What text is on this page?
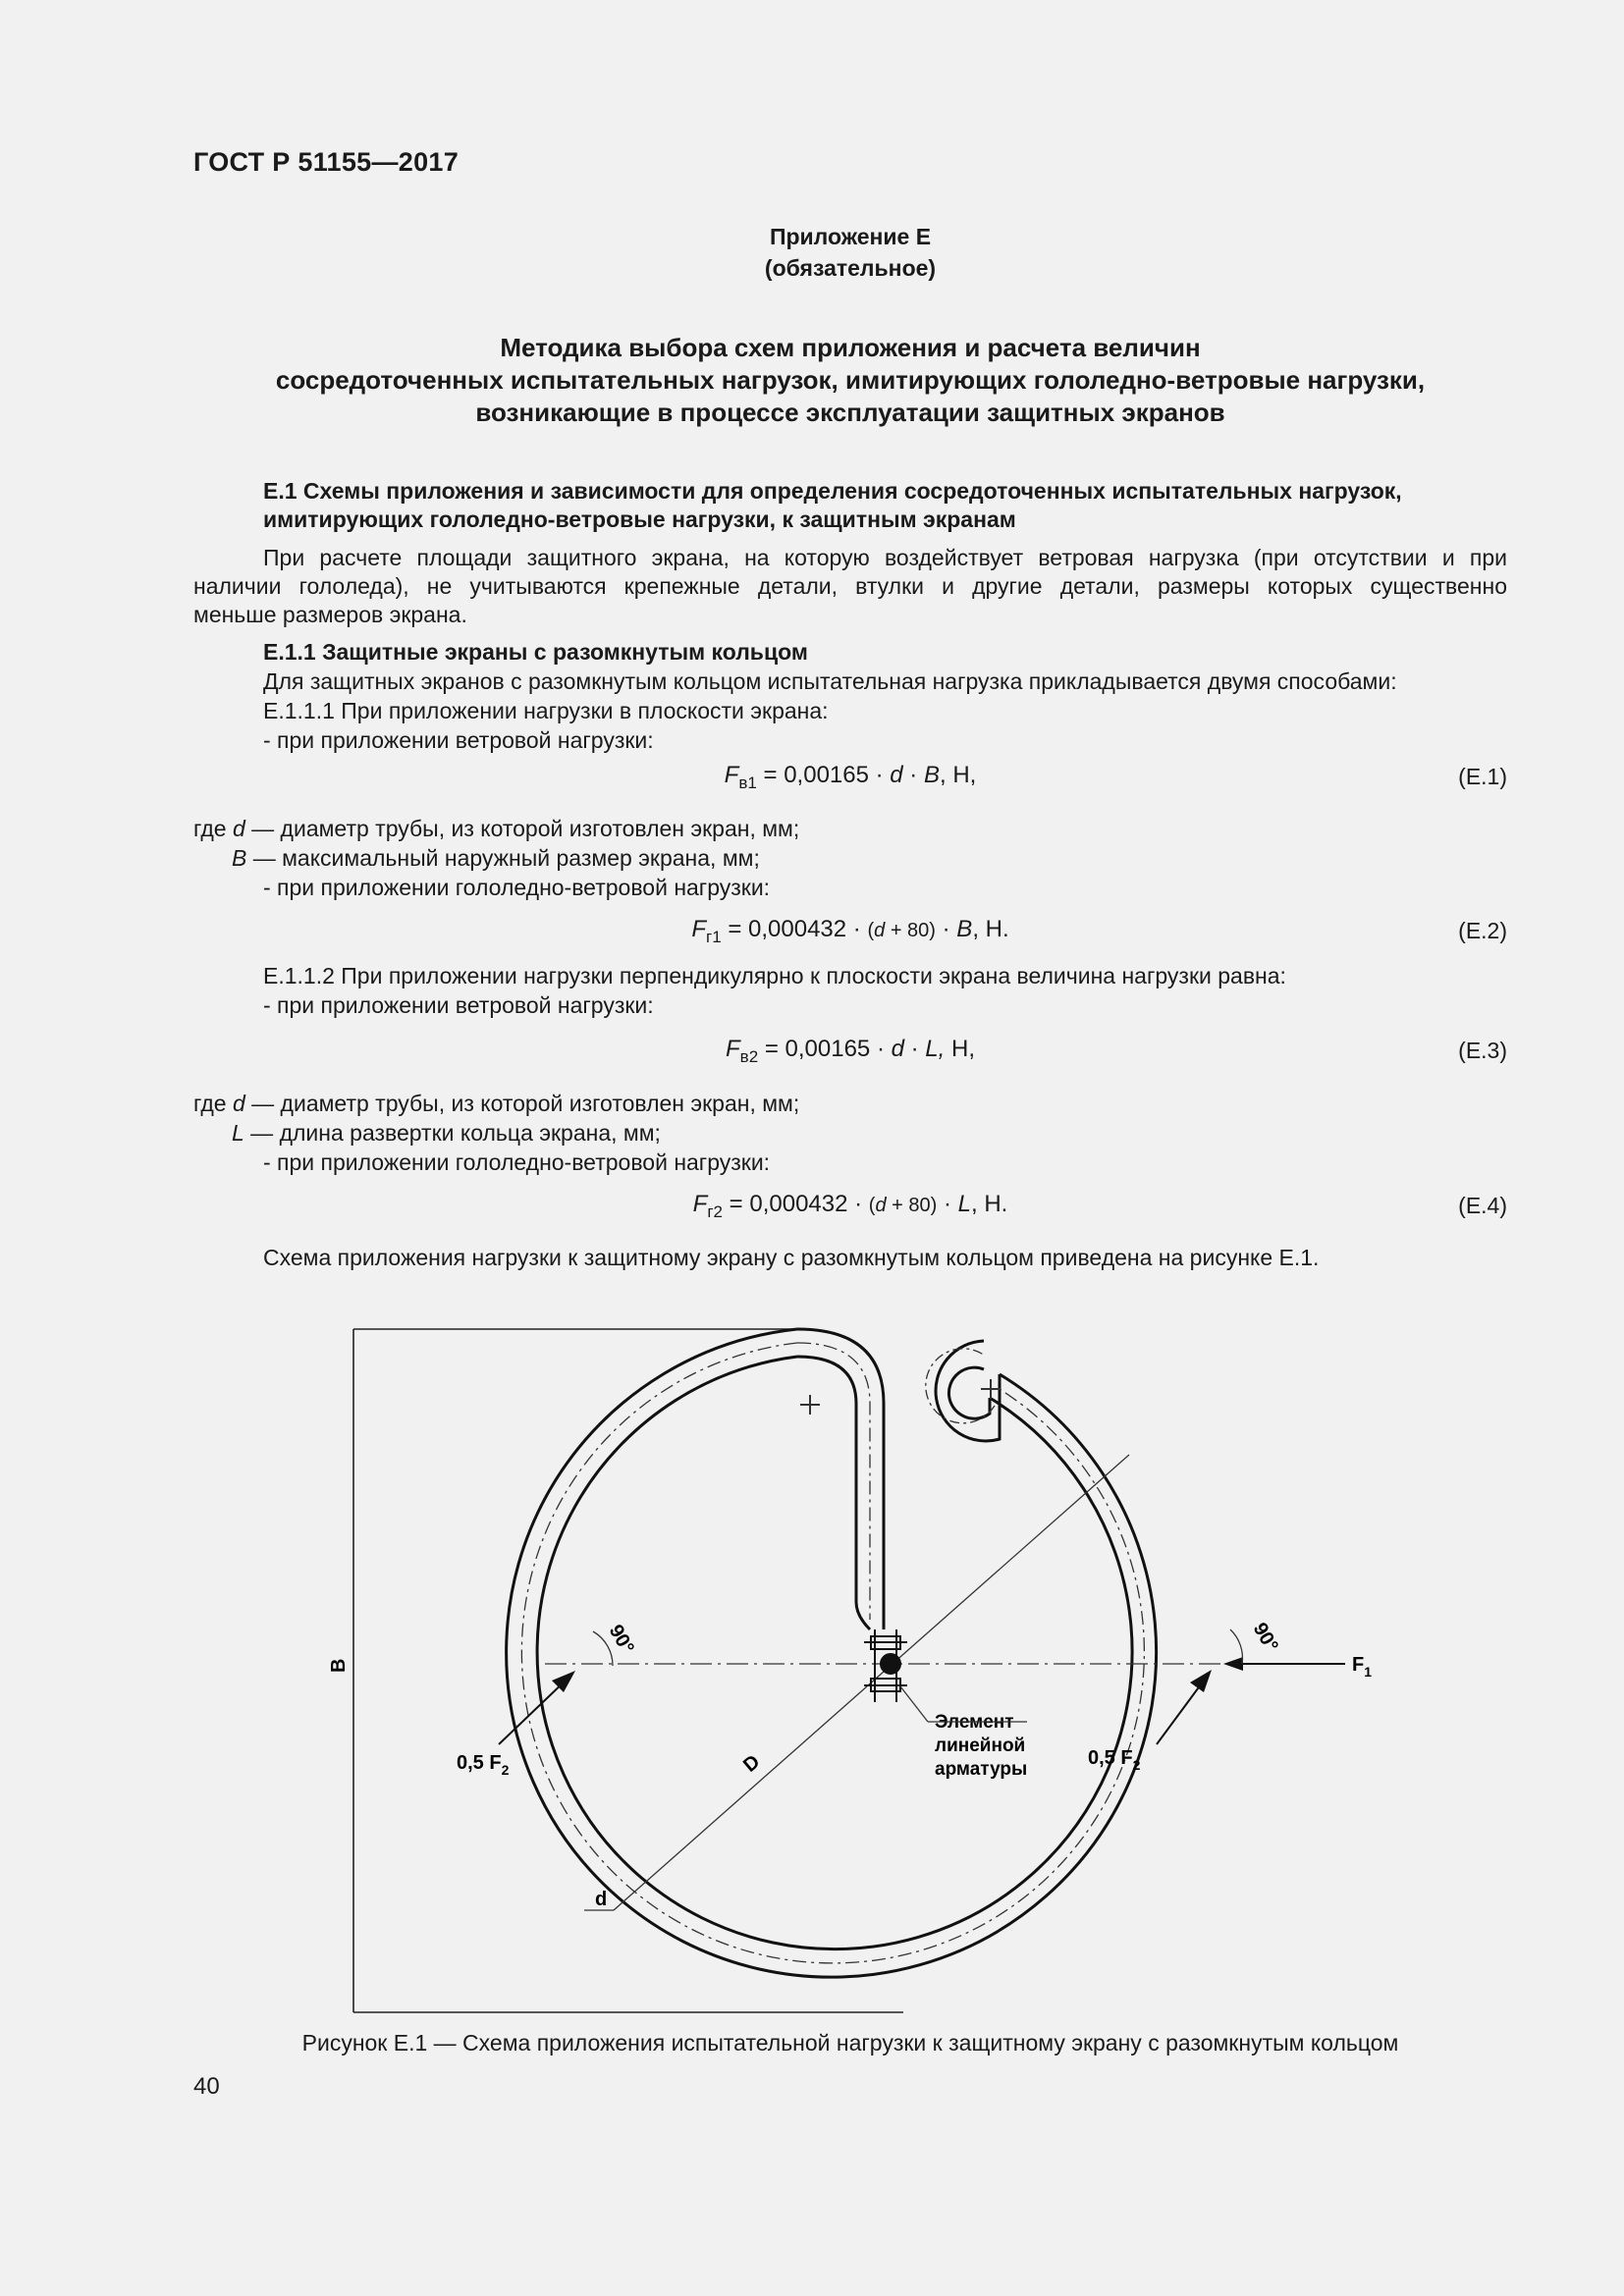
ГОСТ Р 51155—2017
Приложение Е
(обязательное)
Методика выбора схем приложения и расчета величин
сосредоточенных испытательных нагрузок, имитирующих гололедно-ветровые нагрузки,
возникающие в процессе эксплуатации защитных экранов
Е.1 Схемы приложения и зависимости для определения сосредоточенных испытательных нагрузок,
имитирующих гололедно-ветровые нагрузки, к защитным экранам
При расчете площади защитного экрана, на которую воздействует ветровая нагрузка (при отсутствии и при
наличии гололеда), не учитываются крепежные детали, втулки и другие детали, размеры которых существенно
меньше размеров экрана.
Е.1.1 Защитные экраны с разомкнутым кольцом
Для защитных экранов с разомкнутым кольцом испытательная нагрузка прикладывается двумя способами:
Е.1.1.1 При приложении нагрузки в плоскости экрана:
- при приложении ветровой нагрузки:
$F_{в1} = 0,00165 \cdot d \cdot B$, Н,	(Е.1)
где d — диаметр трубы, из которой изготовлен экран, мм;
B — максимальный наружный размер экрана, мм;
- при приложении гололедно-ветровой нагрузки:
$F_{г1} = 0,000432 \cdot (d + 80) \cdot B$, Н.	(Е.2)
Е.1.1.2 При приложении нагрузки перпендикулярно к плоскости экрана величина нагрузки равна:
- при приложении ветровой нагрузки:
$F_{в2} = 0,00165 \cdot d \cdot L$, Н,	(Е.3)
где d — диаметр трубы, из которой изготовлен экран, мм;
L — длина развертки кольца экрана, мм;
- при приложении гололедно-ветровой нагрузки:
$F_{г2} = 0,000432 \cdot (d + 80) \cdot L$, Н.	(Е.4)
Схема приложения нагрузки к защитному экрану с разомкнутым кольцом приведена на рисунке Е.1.
B
D
d
90°	90°
$F_1$
0,5 $F_2$
0,5 $F_2$
Элемент линейной арматуры
Рисунок Е.1 — Схема приложения испытательной нагрузки к защитному экрану с разомкнутым кольцом
40
